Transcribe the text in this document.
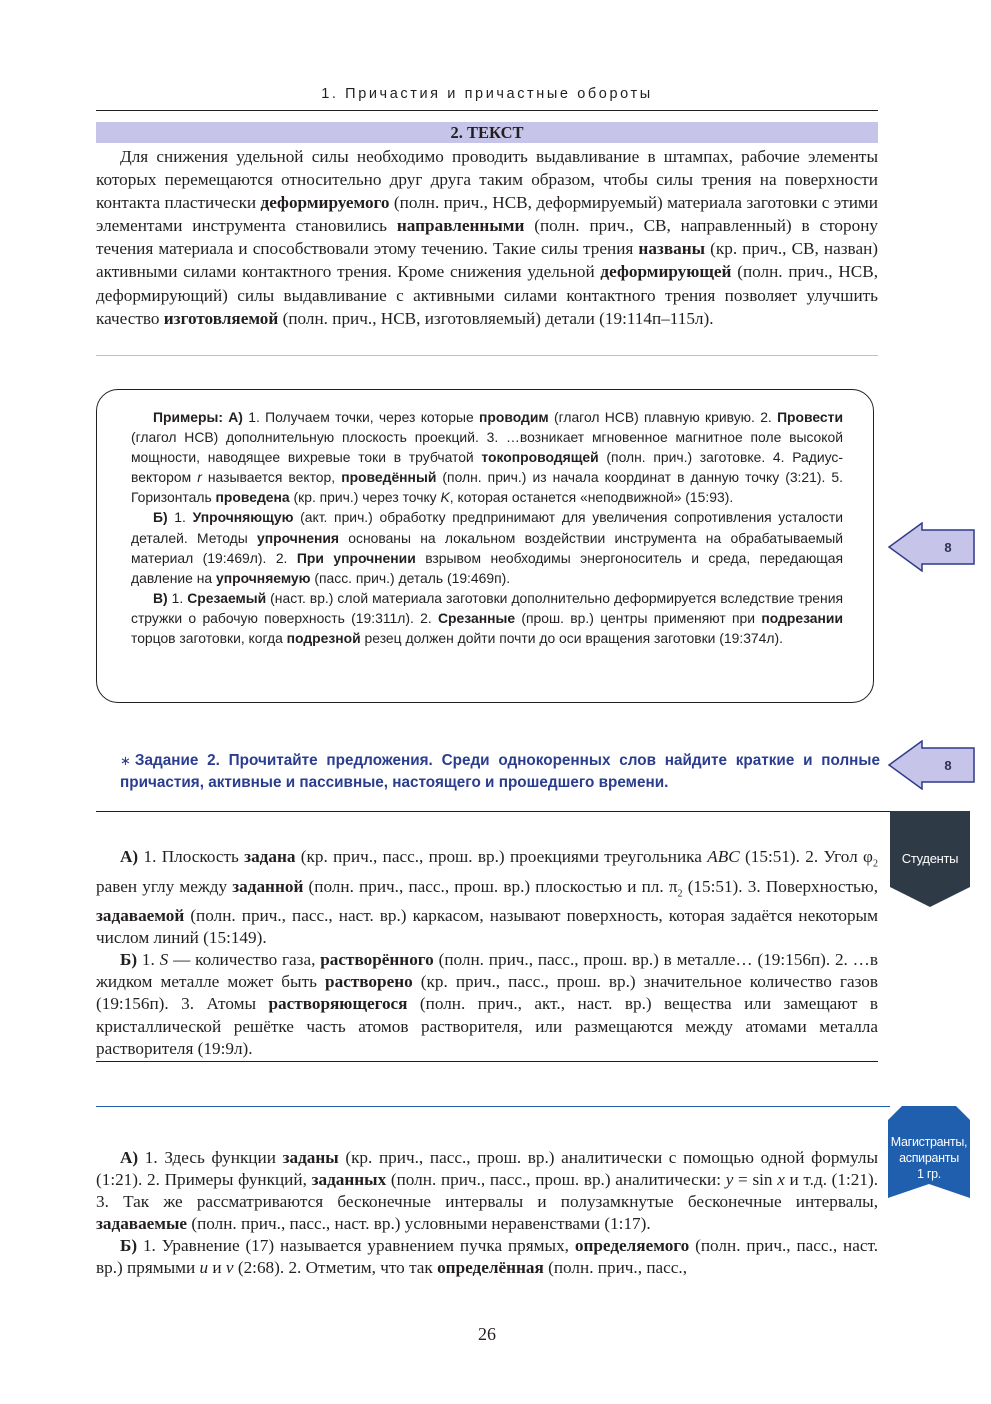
1. Причастия и причастные обороты
2. ТЕКСТ

Для снижения удельной силы необходимо проводить выдавливание в штампах, рабочие элементы которых перемещаются относительно друг друга таким образом, чтобы силы трения на поверхности контакта пластически деформируемого (полн. прич., НСВ, деформируемый) материала заготовки с этими элементами инструмента становились направленными (полн. прич., СВ, направленный) в сторону течения материала и способствовали этому течению. Такие силы трения названы (кр. прич., СВ, назван) активными силами контактного трения. Кроме снижения удельной деформирующей (полн. прич., НСВ, деформирующий) силы выдавливание с активными силами контактного трения позволяет улучшить качество изготовляемой (полн. прич., НСВ, изготовляемый) детали (19:114п–115л).

Примеры: А) 1. Получаем точки, через которые проводим (глагол НСВ) плавную кривую. 2. Провести (глагол НСВ) дополнительную плоскость проекций. 3. …возникает мгновенное магнитное поле высокой мощности, наводящее вихревые токи в трубчатой токопроводящей (полн. прич.) заготовке. 4. Радиус-вектором r называется вектор, проведённый (полн. прич.) из начала координат в данную точку (3:21). 5. Горизонталь проведена (кр. прич.) через точку K, которая останется «неподвижной» (15:93).

Б) 1. Упрочняющую (акт. прич.) обработку предпринимают для увеличения сопротивления усталости деталей. Методы упрочнения основаны на локальном воздействии инструмента на обрабатываемый материал (19:469л). 2. При упрочнении взрывом необходимы энергоноситель и среда, передающая давление на упрочняемую (пасс. прич.) деталь (19:469п).

В) 1. Срезаемый (наст. вр.) слой материала заготовки дополнительно деформируется вследствие трения стружки о рабочую поверхность (19:311л). 2. Срезанные (прош. вр.) центры применяют при подрезании торцов заготовки, когда подрезной резец должен дойти почти до оси вращения заготовки (19:374л).

8
∗ Задание 2. Прочитайте предложения. Среди однокоренных слов найдите краткие и полные причастия, активные и пассивные, настоящего и прошедшего времени.
8
Студенты

А) 1. Плоскость задана (кр. прич., пасс., прош. вр.) проекциями треугольника ABC (15:51). 2. Угол $\varphi_2$ равен углу между заданной (полн. прич., пасс., прош. вр.) плоскостью и пл. $\pi_2$ (15:51). 3. Поверхностью, задаваемой (полн. прич., пасс., наст. вр.) каркасом, называют поверхность, которая задаётся некоторым числом линий (15:149).

Б) 1. S — количество газа, растворённого (полн. прич., пасс., прош. вр.) в металле… (19:156п). 2. …в жидком металле может быть растворено (кр. прич., пасс., прош. вр.) значительное количество газов (19:156п). 3. Атомы растворяющегося (полн. прич., акт., наст. вр.) вещества или замещают в кристаллической решётке часть атомов растворителя, или размещаются между атомами металла растворителя (19:9л).

Магистранты,
аспиранты
1 гр.

А) 1. Здесь функции заданы (кр. прич., пасс., прош. вр.) аналитически с помощью одной формулы (1:21). 2. Примеры функций, заданных (полн. прич., пасс., прош. вр.) аналитически: y = sin x и т.д. (1:21). 3. Так же рассматриваются бесконечные интервалы и полузамкнутые бесконечные интервалы, задаваемые (полн. прич., пасс., наст. вр.) условными неравенствами (1:17).

Б) 1. Уравнение (17) называется уравнением пучка прямых, определяемого (полн. прич., пасс., наст. вр.) прямыми u и v (2:68). 2. Отметим, что так определённая (полн. прич., пасс.,

26
